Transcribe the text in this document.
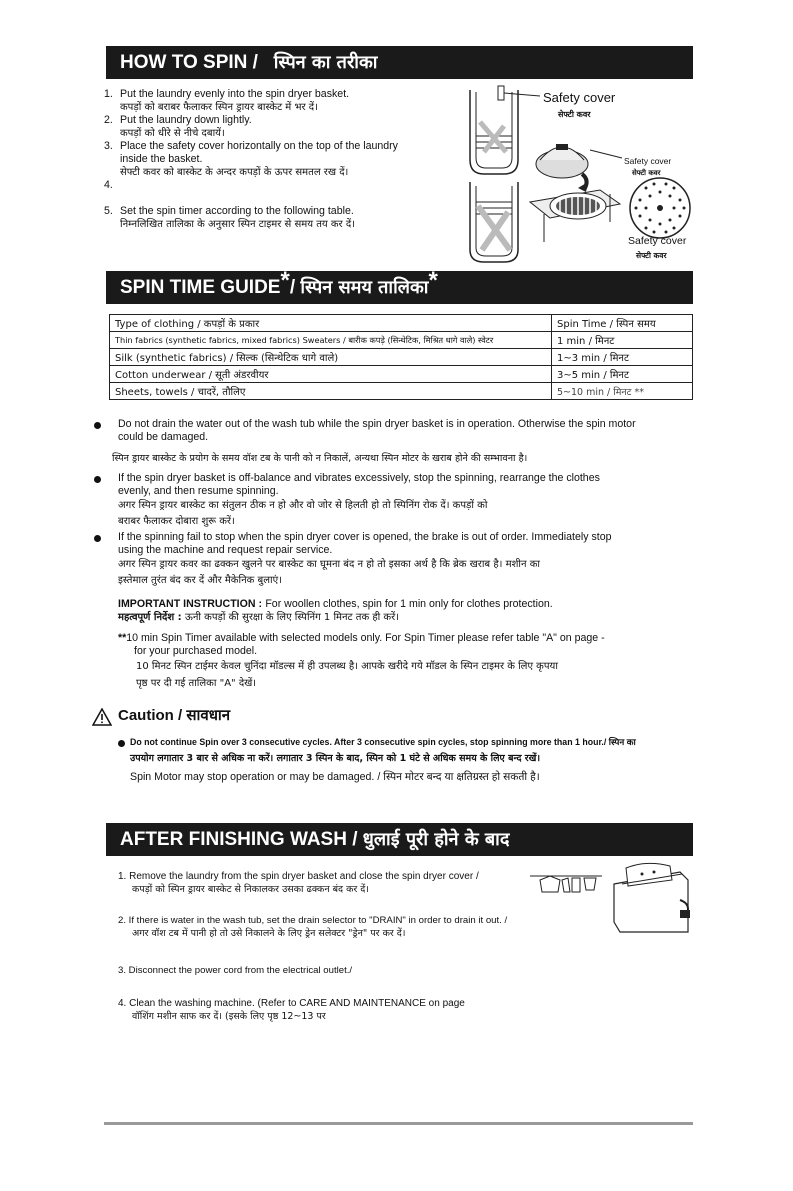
HOW TO SPIN / स्पिन का तरीका
1. Put the laundry evenly into the spin dryer basket.
कपड़ों को बराबर फैलाकर स्पिन ड्रायर बास्केट में भर दें।
2. Put the laundry down lightly.
कपड़ों को धीरे से नीचे दबायें।
3. Place the safety cover horizontally on the top of the laundry
inside the basket.
सेफ्टी कवर को बास्केट के अन्दर कपड़ों के ऊपर समतल रख दें।
4.
5. Set the spin timer according to the following table.
निम्नलिखित तालिका के अनुसार स्पिन टाइमर से समय तय कर दें।
Safety cover
सेफ्टी कवर
Safety cover
सेफ्टी कवर
Safety cover
सेफ्टी कवर
SPIN TIME GUIDE*/ स्पिन समय तालिका*
Type of clothing / कपड़ों के प्रकार	Spin Time / स्पिन समय
Thin fabrics (synthetic fabrics, mixed fabrics) Sweaters / बारीक कपड़े (सिन्थेटिक, मिश्रित धागे वाले) स्वेटर	1 min / मिनट
Silk (synthetic fabrics) / सिल्क (सिन्थेटिक धागे वाले)	1~3 min / मिनट
Cotton underwear / सूती अंडरवीयर	3~5 min / मिनट
Sheets, towels / चादरें, तौलिए	5~10 min / मिनट **
Do not drain the water out of the wash tub while the spin dryer basket is in operation. Otherwise the spin motor
could be damaged.
स्पिन ड्रायर बास्केट के प्रयोग के समय वॉश टब के पानी को न निकालें, अन्यथा स्पिन मोटर के खराब होने की सम्भावना है।
If the spin dryer basket is off-balance and vibrates excessively, stop the spinning, rearrange the clothes
evenly, and then resume spinning.
अगर स्पिन ड्रायर बास्केट का संतुलन ठीक न हो और वो जोर से हिलती हो तो स्पिनिंग रोक दें। कपड़ों को
बराबर फैलाकर दोबारा शुरू करें।
If the spinning fail to stop when the spin dryer cover is opened, the brake is out of order. Immediately stop
using the machine and request repair service.
अगर स्पिन ड्रायर कवर का ढक्कन खुलने पर बास्केट का घूमना बंद न हो तो इसका अर्थ है कि ब्रेक खराब है। मशीन का
इस्तेमाल तुरंत बंद कर दें और मैकेनिक बुलाएं।
IMPORTANT INSTRUCTION : For woollen clothes, spin for 1 min only for clothes protection.
महत्वपूर्ण निर्देश : ऊनी कपड़ों की सुरक्षा के लिए स्पिनिंग 1 मिनट तक ही करें।
**10 min Spin Timer available with selected models only. For Spin Timer please refer table "A" on page -
for your purchased model.
10 मिनट स्पिन टाईमर केवल चुनिंदा मॉडल्स में ही उपलब्ध है। आपके खरीदे गये मॉडल के स्पिन टाइमर के लिए कृपया
पृष्ठ पर दी गई तालिका "A" देखें।
Caution / सावधान
Do not continue Spin over 3 consecutive cycles. After 3 consecutive spin cycles, stop spinning more than 1 hour./ स्पिन का
उपयोग लगातार 3 बार से अधिक ना करें। लगातार 3 स्पिन के बाद, स्पिन को 1 घंटे से अधिक समय के लिए बन्द रखें।
Spin Motor may stop operation or may be damaged. / स्पिन मोटर बन्द या क्षतिग्रस्त हो सकती है।
AFTER FINISHING WASH / धुलाई पूरी होने के बाद
1. Remove the laundry from the spin dryer basket and close the spin dryer cover /
कपड़ों को स्पिन ड्रायर बास्केट से निकालकर उसका ढक्कन बंद कर दें।
2. If there is water in the wash tub, set the drain selector to "DRAIN" in order to drain it out. /
अगर वॉश टब में पानी हो तो उसे निकालने के लिए ड्रेन सलेक्टर "ड्रेन" पर कर दें।
3. Disconnect the power cord from the electrical outlet./
4. Clean the washing machine. (Refer to CARE AND MAINTENANCE on page
वॉशिंग मशीन साफ कर दें। (इसके लिए पृष्ठ 12~13 पर
